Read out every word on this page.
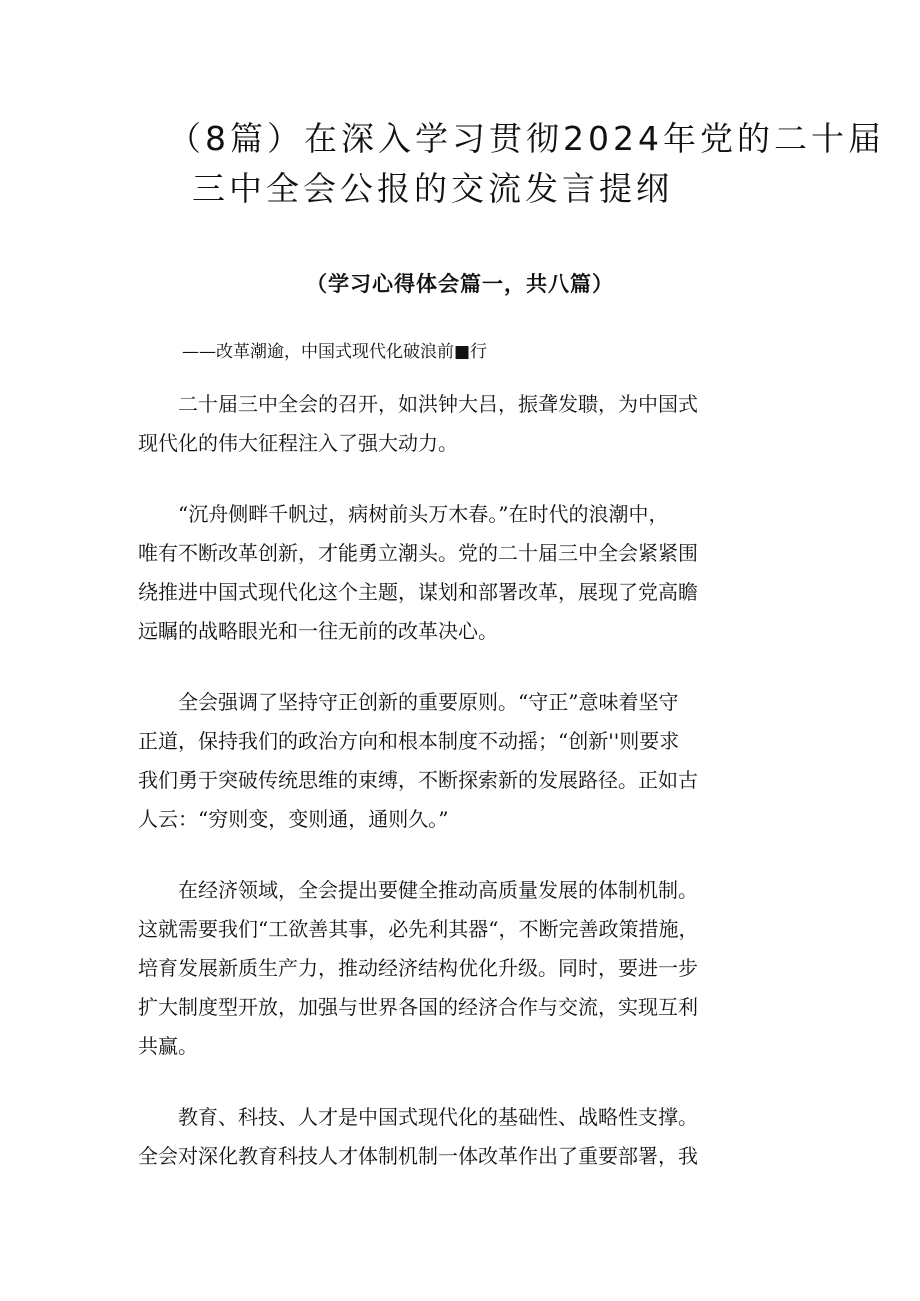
（8篇）在深入学习贯彻2024年党的二十届
三中全会公报的交流发言提纲
（学习心得体会篇一，共八篇）
——改革潮逾，中国式现代化破浪前■行
　　二十届三中全会的召开，如洪钟大吕，振聋发聩，为中国式
现代化的伟大征程注入了强大动力。
　　“沉舟侧畔千帆过，病树前头万木春。”在时代的浪潮中，
唯有不断改革创新，才能勇立潮头。党的二十届三中全会紧紧围
绕推进中国式现代化这个主题，谋划和部署改革，展现了党高瞻
远瞩的战略眼光和一往无前的改革决心。
　　全会强调了坚持守正创新的重要原则。“守正”意味着坚守
正道，保持我们的政治方向和根本制度不动摇；“创新''则要求
我们勇于突破传统思维的束缚，不断探索新的发展路径。正如古
人云：“穷则变，变则通，通则久。”
　　在经济领域，全会提出要健全推动高质量发展的体制机制。
这就需要我们“工欲善其事，必先利其器“，不断完善政策措施，
培育发展新质生产力，推动经济结构优化升级。同时，要进一步
扩大制度型开放，加强与世界各国的经济合作与交流，实现互利
共赢。
　　教育、科技、人才是中国式现代化的基础性、战略性支撑。
全会对深化教育科技人才体制机制一体改革作出了重要部署，我
